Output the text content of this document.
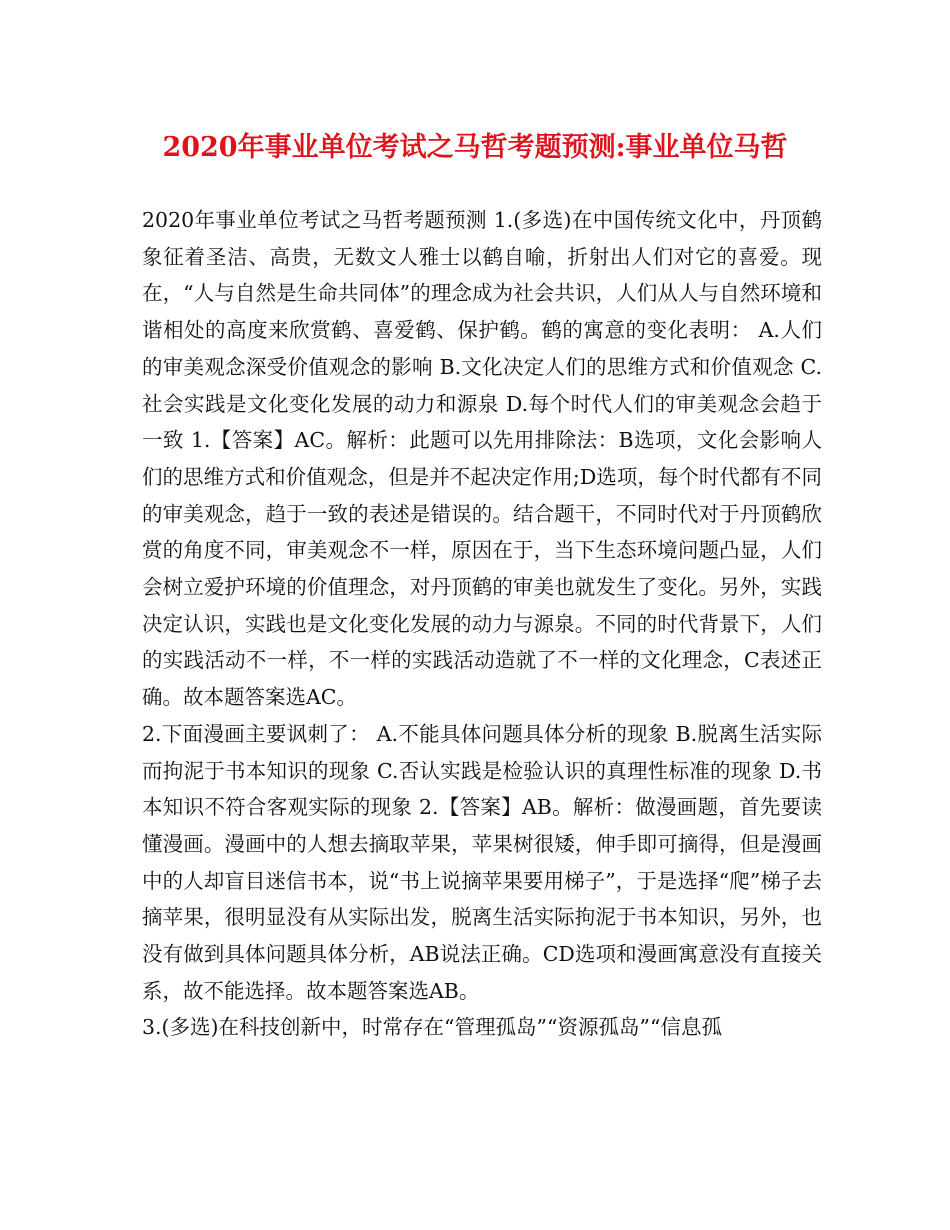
2020年事业单位考试之马哲考题预测:事业单位马哲

2020年事业单位考试之马哲考题预测 1.(多选)在中国传统文化中，丹顶鹤象征着圣洁、高贵，无数文人雅士以鹤自喻，折射出人们对它的喜爱。现在，“人与自然是生命共同体”的理念成为社会共识，人们从人与自然环境和谐相处的高度来欣赏鹤、喜爱鹤、保护鹤。鹤的寓意的变化表明： A.人们的审美观念深受价值观念的影响 B.文化决定人们的思维方式和价值观念 C.社会实践是文化变化发展的动力和源泉 D.每个时代人们的审美观念会趋于一致 1.【答案】AC。解析：此题可以先用排除法：B选项，文化会影响人们的思维方式和价值观念，但是并不起决定作用;D选项，每个时代都有不同的审美观念，趋于一致的表述是错误的。结合题干，不同时代对于丹顶鹤欣赏的角度不同，审美观念不一样，原因在于，当下生态环境问题凸显，人们会树立爱护环境的价值理念，对丹顶鹤的审美也就发生了变化。另外，实践决定认识，实践也是文化变化发展的动力与源泉。不同的时代背景下，人们的实践活动不一样，不一样的实践活动造就了不一样的文化理念，C表述正确。故本题答案选AC。

2.下面漫画主要讽刺了： A.不能具体问题具体分析的现象 B.脱离生活实际而拘泥于书本知识的现象 C.否认实践是检验认识的真理性标准的现象 D.书本知识不符合客观实际的现象 2.【答案】AB。解析：做漫画题，首先要读懂漫画。漫画中的人想去摘取苹果，苹果树很矮，伸手即可摘得，但是漫画中的人却盲目迷信书本，说“书上说摘苹果要用梯子”，于是选择“爬”梯子去摘苹果，很明显没有从实际出发，脱离生活实际拘泥于书本知识，另外，也没有做到具体问题具体分析，AB说法正确。CD选项和漫画寓意没有直接关系，故不能选择。故本题答案选AB。

3.(多选)在科技创新中，时常存在“管理孤岛”“资源孤岛”“信息孤
